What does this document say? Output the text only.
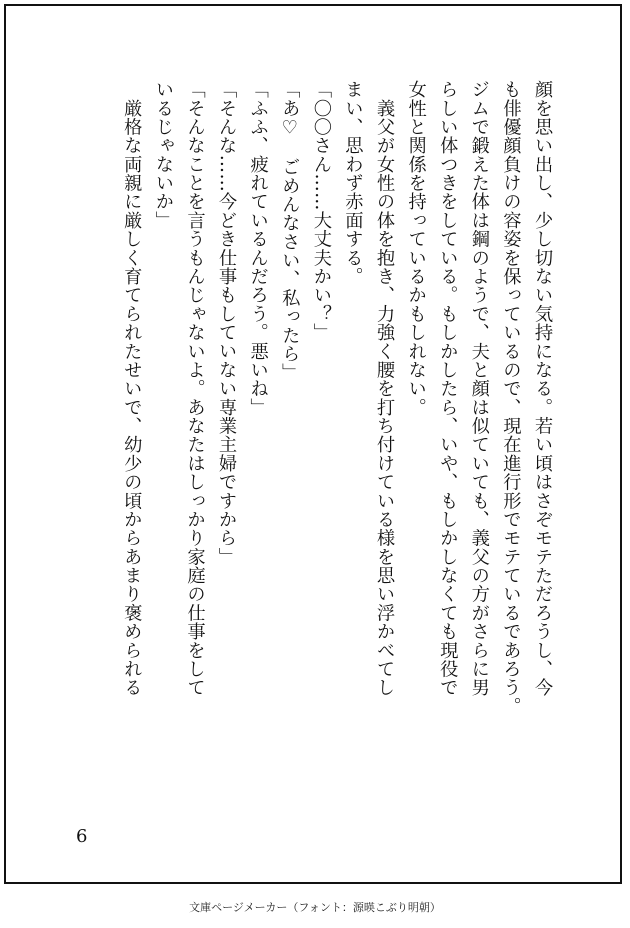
顔を思い出し、少し切ない気持になる。若い頃はさぞモテただろうし、今

も俳優顔負けの容姿を保っているので、現在進行形でモテているであろう。

ジムで鍛えた体は鋼のようで、夫と顔は似ていても、義父の方がさらに男

らしい体つきをしている。もしかしたら、いや、もしかしなくても現役で

女性と関係を持っているかもしれない。

　義父が女性の体を抱き、力強く腰を打ち付けている様を思い浮かべてし

まい、思わず赤面する。

「〇〇さん……大丈夫かい？」

「あ♡　ごめんなさい、私ったら」

「ふふ、疲れているんだろう。悪いね」

「そんな……今どき仕事もしていない専業主婦ですから」

「そんなことを言うもんじゃないよ。あなたはしっかり家庭の仕事をして

いるじゃないか」

　厳格な両親に厳しく育てられたせいで、幼少の頃からあまり褒められる

6
文庫ページメーカー（フォント：源暎こぶり明朝）
